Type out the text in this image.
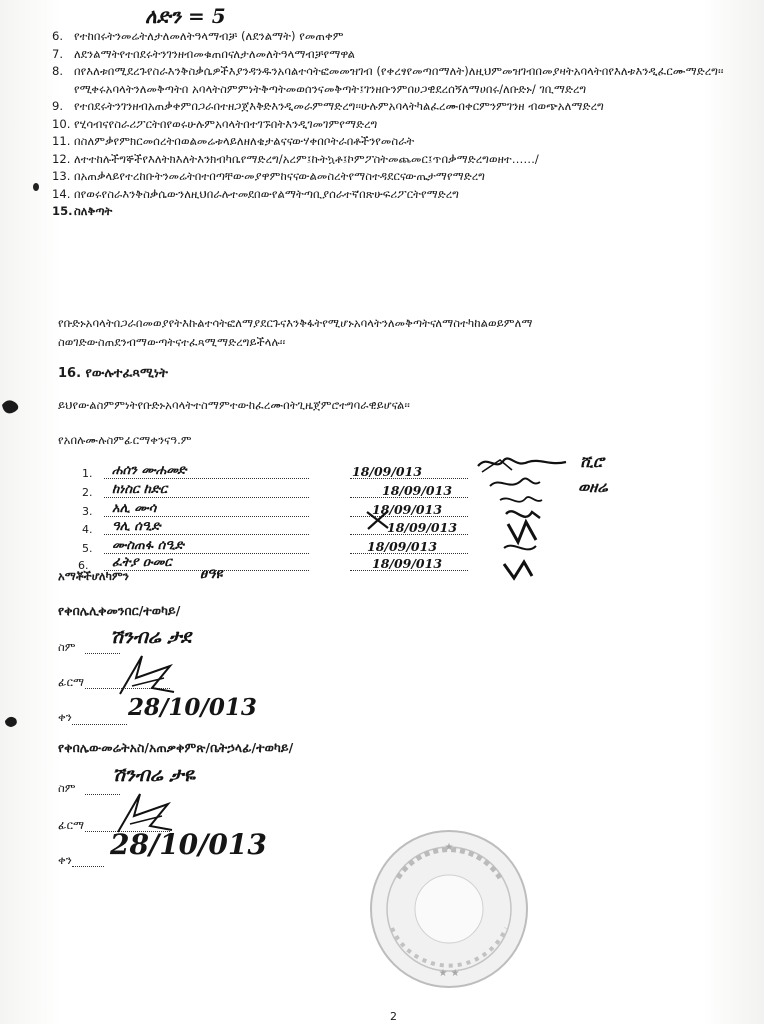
ለድን = 5
6. የተከበሩትንመሬትለታለመለትዓላማብቻ (ለደንልማት) የመጠቀም
7. ለደንልማትየተበደሩትንገንዘብመቁጠበናለታለመለትዓላማብቻየማዋል
8. በየእለቱበሚደረጉየስራእንቅስቃሴዎችእያንዳንዱንአባልተሳትፎመመዝገብ (የቀረፃየመጣበማለት)ለዚህምመዝገብበመያዛትአባላትበየእለቱእንዲፈርሙማድረግ፡፡የሚቀሩአባላትንለመቅጣትበ አባላትስምምነትቅጣትመወሰንናመቅጣት፤ገንዘቡንምበሀጋዊደረሰኝለማሀበሩ/ለቡድኑ/ ገቢማድረግ
9. የተበደሩትንገንዘብአጠቃቀምበጋራበተዘጋጀእቅድእንዲመራምማድረግ፡፡ሁሉምአባላትካልፈረሙበቀርምንምገንዘ ብወጭአለማድረግ
10. የሂሳብናየስራሪፖርትበየወሩሁሉምአባላትበተገኙበትእንዲገመገምየማድረግ
11. በስለምቃየምክርመሰረትበወልመሬቱላይለዘለቄታልናናውሃቀበቦትራበቶችንየመስራት
12. ለተተከሉችግኞችየእለትክእለትእንክብካቤየማድረግ/አረም፤ኩትኳቶ፤ኮምፖስትመጨመር፤ጥበቃማድረግወዘተ……/
13. በአጠቃላይየተረከቡትንመሬትበተበጣቸውመያዋምከናናውልመስረትየማስተዳደርናውጤታማየማድረግ
14. በየወሩየስራእንቅስቃሴውንለዚህበራሉተመደበውየልማትጣቢያሰራተኛበጽሁፍሪፖርትየማድረግ
15. ስለቅጣት
የቡድኑአባላትበጋራበመወያየትእኩልተሳትፎለማያደርጉናእንቅፋትየሚሆኑአባላትንለመቅጣትናለማስተካከልወይምለማ ስወገድውስጠደንብማውጣትናተፈጻሚማድረግይችላሉ፡፡
16. የውሉተፈጻሚነት
ይህየውልስምምነትየቡድኑአባላትተስማምተውከፈረሙበትጊዜጀምሮተግባራዊይሆናል፡፡
የአበሉሙሉስምፊርማቀንናዓ.ም
1. ሐሰን ሙሐመድ	18/09/013
2. ከነስር ከድር	18/09/013
3. አሊ ሙሳ	18/09/013
4. ዓሊ ሰዒድ	18/09/013
5. ሙስጠፋ ሰዒድ	18/09/013
6. ፈትያ ዑመር	18/09/013
አማቾችሆለካምን	ፀዓዩ
ሺሮ
ወዘሬ
የቀበሌሊቀመንበር/ተወካይ/
ስም ሽንብሬ ታደ
ፊርማ
ቀን 28/10/013
የቀበሌውመሬትአስ/አጠቃቀምጽ/ቤትኃላፊ/ተወካይ/
ስም
ሽንብሬ ታዬ
ፊርማ
ቀን 28/10/013
★ ★
★
2
